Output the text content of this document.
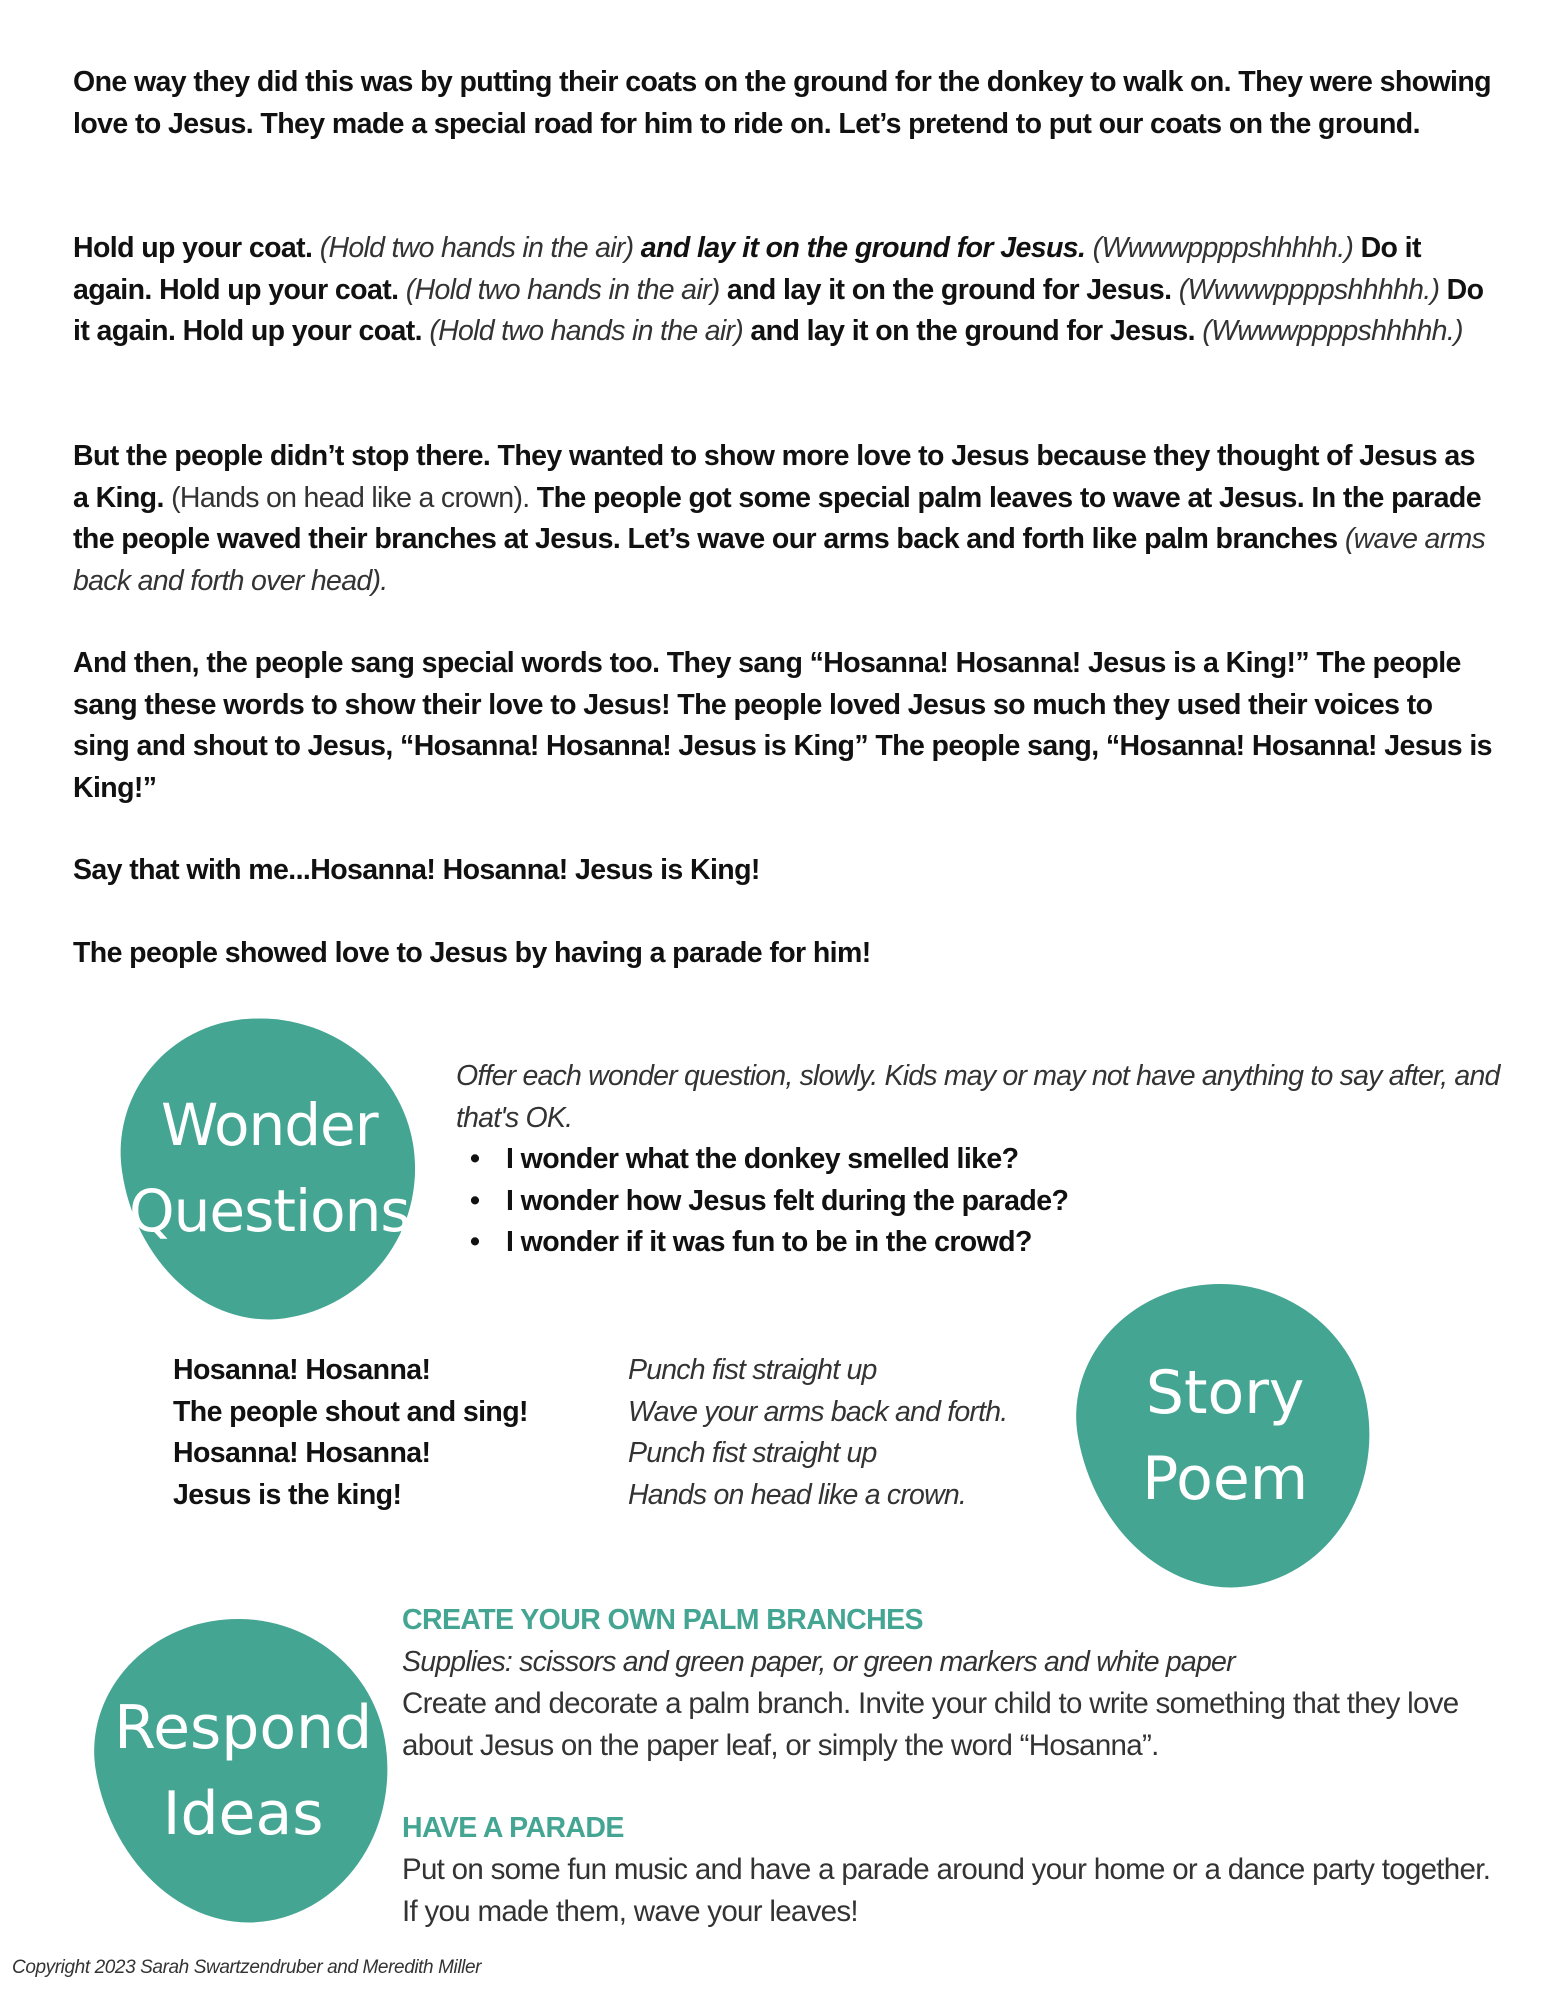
One way they did this was by putting their coats on the ground for the donkey to walk on. They were showing love to Jesus. They made a special road for him to ride on. Let’s pretend to put our coats on the ground.

Hold up your coat. (Hold two hands in the air) and lay it on the ground for Jesus. (Wwwwppppshhhhh.) Do it again. Hold up your coat. (Hold two hands in the air) and lay it on the ground for Jesus. (Wwwwppppshhhhh.) Do it again. Hold up your coat. (Hold two hands in the air) and lay it on the ground for Jesus. (Wwwwppppshhhhh.)

But the people didn’t stop there. They wanted to show more love to Jesus because they thought of Jesus as a King. (Hands on head like a crown). The people got some special palm leaves to wave at Jesus. In the parade the people waved their branches at Jesus. Let’s wave our arms back and forth like palm branches (wave arms back and forth over head).

And then, the people sang special words too. They sang “Hosanna! Hosanna! Jesus is a King!” The people sang these words to show their love to Jesus! The people loved Jesus so much they used their voices to sing and shout to Jesus, “Hosanna! Hosanna! Jesus is King” The people sang, “Hosanna! Hosanna! Jesus is King!”

Say that with me...Hosanna! Hosanna! Jesus is King!

The people showed love to Jesus by having a parade for him!

Wonder
Questions
Offer each wonder question, slowly. Kids may or may not have anything to say after, and that's OK.
• I wonder what the donkey smelled like?
• I wonder how Jesus felt during the parade?
• I wonder if it was fun to be in the crowd?
Hosanna! Hosanna!	Punch fist straight up
The people shout and sing!	Wave your arms back and forth.
Hosanna! Hosanna!	Punch fist straight up
Jesus is the king!	Hands on head like a crown.
Story
Poem
Respond
Ideas
CREATE YOUR OWN PALM BRANCHES
Supplies: scissors and green paper, or green markers and white paper
Create and decorate a palm branch. Invite your child to write something that they love about Jesus on the paper leaf, or simply the word “Hosanna”.
HAVE A PARADE
Put on some fun music and have a parade around your home or a dance party together. If you made them, wave your leaves!
Copyright 2023 Sarah Swartzendruber and Meredith Miller
